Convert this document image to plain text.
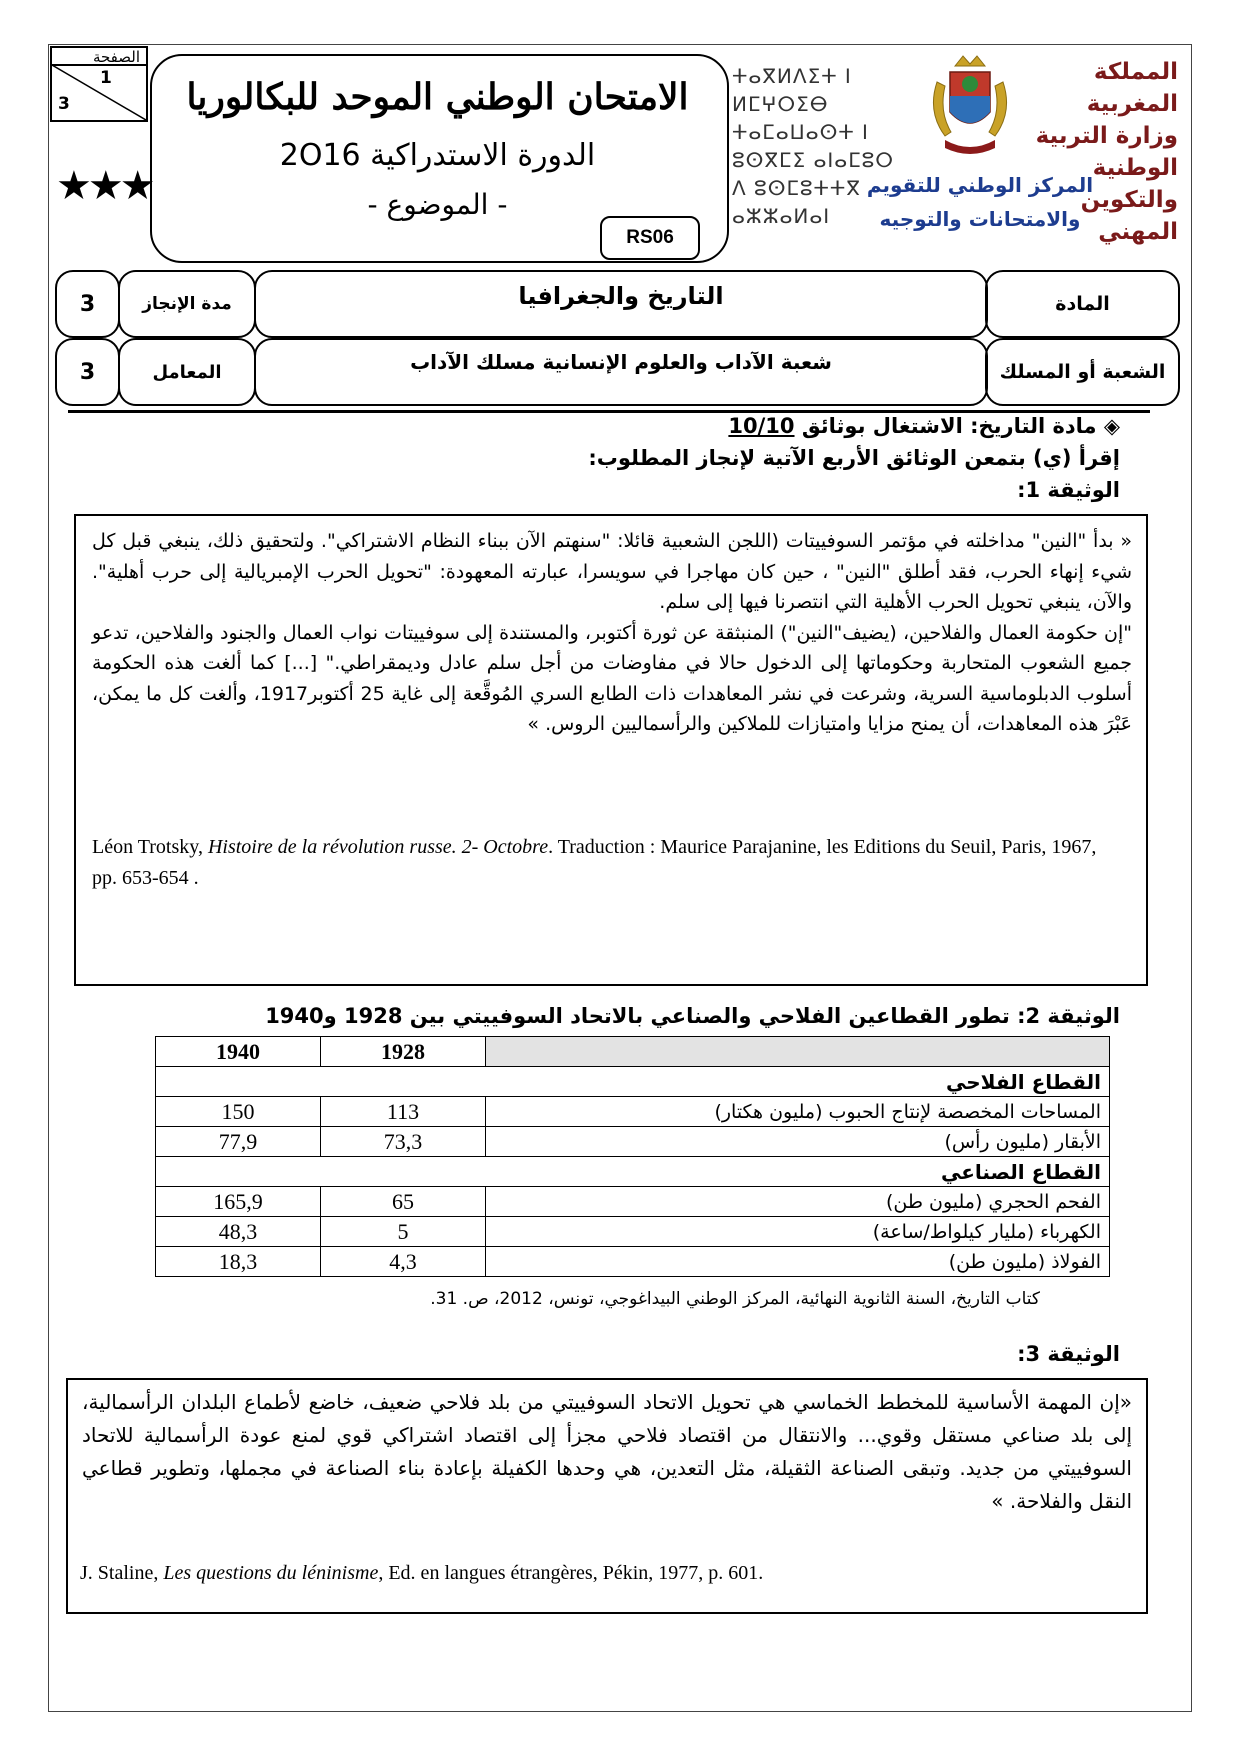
الصفحة
1
3
★★★
الامتحان الوطني الموحد للبكالوريا
الدورة الاستدراكية 2O16
- الموضوع -
RS06
ⵜⴰⴳⵍⴷⵉⵜ ⵏ ⵍⵎⵖⵔⵉⴱ
ⵜⴰⵎⴰⵡⴰⵙⵜ ⵏ ⵓⵙⴳⵎⵉ ⴰⵏⴰⵎⵓⵔ
ⴷ ⵓⵙⵎⵓⵜⵜⴳ ⴰⵣⵣⴰⵍⴰⵏ
المملكة المغربية
وزارة التربية الوطنية
والتكوين المهني
المركز الوطني للتقويم
والامتحانات والتوجيه
المادة
التاريخ والجغرافيا
مدة الإنجاز
3
الشعبة أو المسلك
شعبة الآداب والعلوم الإنسانية مسلك الآداب
المعامل
3
◈ مادة التاريخ: الاشتغال بوثائق 10/10
إقرأ (ي) بتمعن الوثائق الأربع الآتية لإنجاز المطلوب:
الوثيقة 1:
« بدأ "النين" مداخلته في مؤتمر السوفييتات (اللجن الشعبية قائلا: "سنهتم الآن ببناء النظام الاشتراكي". ولتحقيق ذلك، ينبغي قبل كل شيء إنهاء الحرب، فقد أطلق "النين" ، حين كان مهاجرا في سويسرا، عبارته المعهودة: "تحويل الحرب الإمبريالية إلى حرب أهلية". والآن، ينبغي تحويل الحرب الأهلية التي انتصرنا فيها إلى سلم.
"إن حكومة العمال والفلاحين، (يضيف"النين") المنبثقة عن ثورة أكتوبر، والمستندة إلى سوفييتات نواب العمال والجنود والفلاحين، تدعو جميع الشعوب المتحاربة وحكوماتها إلى الدخول حالا في مفاوضات من أجل سلم عادل وديمقراطي." [...] كما ألغت هذه الحكومة أسلوب الدبلوماسية السرية، وشرعت في نشر المعاهدات ذات الطابع السري المُوقَّعة إلى غاية 25 أكتوبر1917، وألغت كل ما يمكن، عَبْرَ هذه المعاهدات، أن يمنح مزايا وامتيازات للملاكين والرأسماليين الروس. »
Léon Trotsky, Histoire de la révolution russe. 2- Octobre. Traduction : Maurice Parajanine, les Editions du Seuil, Paris, 1967, pp. 653-654 .
الوثيقة 2: تطور القطاعين الفلاحي والصناعي بالاتحاد السوفييتي بين 1928 و1940
1940	1928	
القطاع الفلاحي		
150	113	المساحات المخصصة لإنتاج الحبوب (مليون هكتار)
77,9	73,3	الأبقار (مليون رأس)
القطاع الصناعي		
165,9	65	الفحم الحجري (مليون طن)
48,3	5	الكهرباء (مليار كيلواط/ساعة)
18,3	4,3	الفولاذ (مليون طن)
كتاب التاريخ، السنة الثانوية النهائية، المركز الوطني البيداغوجي، تونس، 2012، ص. 31.
الوثيقة 3:
«إن المهمة الأساسية للمخطط الخماسي هي تحويل الاتحاد السوفييتي من بلد فلاحي ضعيف، خاضع لأطماع البلدان الرأسمالية، إلى بلد صناعي مستقل وقوي... والانتقال من اقتصاد فلاحي مجزأ إلى اقتصاد اشتراكي قوي لمنع عودة الرأسمالية للاتحاد السوفييتي من جديد. وتبقى الصناعة الثقيلة، مثل التعدين، هي وحدها الكفيلة بإعادة بناء الصناعة في مجملها، وتطوير قطاعي النقل والفلاحة. »
J. Staline, Les questions du léninisme, Ed. en langues étrangères, Pékin, 1977, p. 601.
